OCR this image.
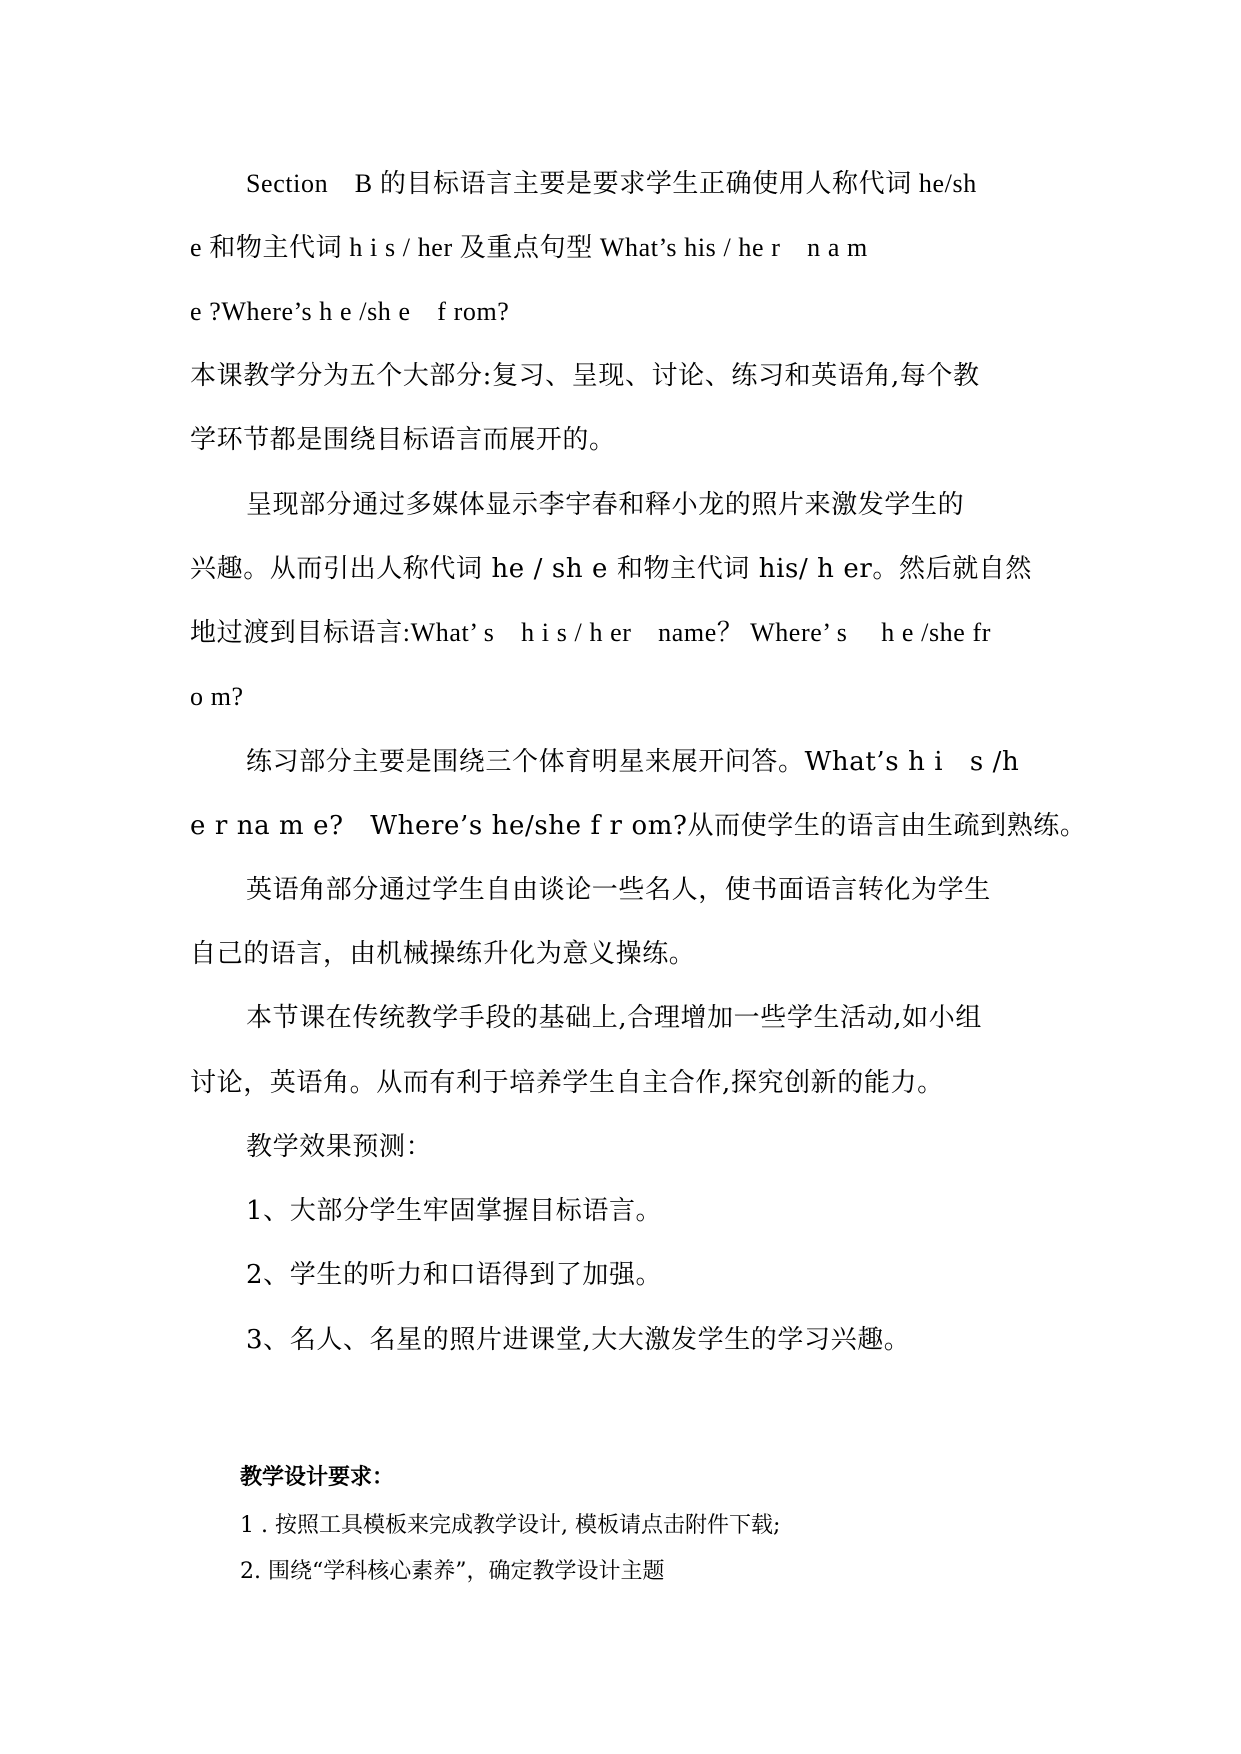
Section　B 的目标语言主要是要求学生正确使用人称代词 he/sh
e 和物主代词 h i s / her 及重点句型 What’s his / he r　n a m
e ?Where’s h e /sh e　f rom?
本课教学分为五个大部分:复习、呈现、讨论、练习和英语角,每个教
学环节都是围绕目标语言而展开的。
呈现部分通过多媒体显示李宇春和释小龙的照片来激发学生的
兴趣。从而引出人称代词 he / sh e 和物主代词 his/ h er。然后就自然
地过渡到目标语言:What’ s　h i s / h er　name？ Where’ s　 h e /she fr
o m?
练习部分主要是围绕三个体育明星来展开问答。What’s h i　s /h
e r na m e?　Where’s he/she f r om?从而使学生的语言由生疏到熟练。
英语角部分通过学生自由谈论一些名人，使书面语言转化为学生
自己的语言，由机械操练升化为意义操练。
本节课在传统教学手段的基础上,合理增加一些学生活动,如小组
讨论，英语角。从而有利于培养学生自主合作,探究创新的能力。
教学效果预测：
1、大部分学生牢固掌握目标语言。
2、学生的听力和口语得到了加强。
3、名人、名星的照片进课堂,大大激发学生的学习兴趣。
教学设计要求：
1 . 按照工具模板来完成教学设计, 模板请点击附件下载;
2. 围绕“学科核心素养”，确定教学设计主题
